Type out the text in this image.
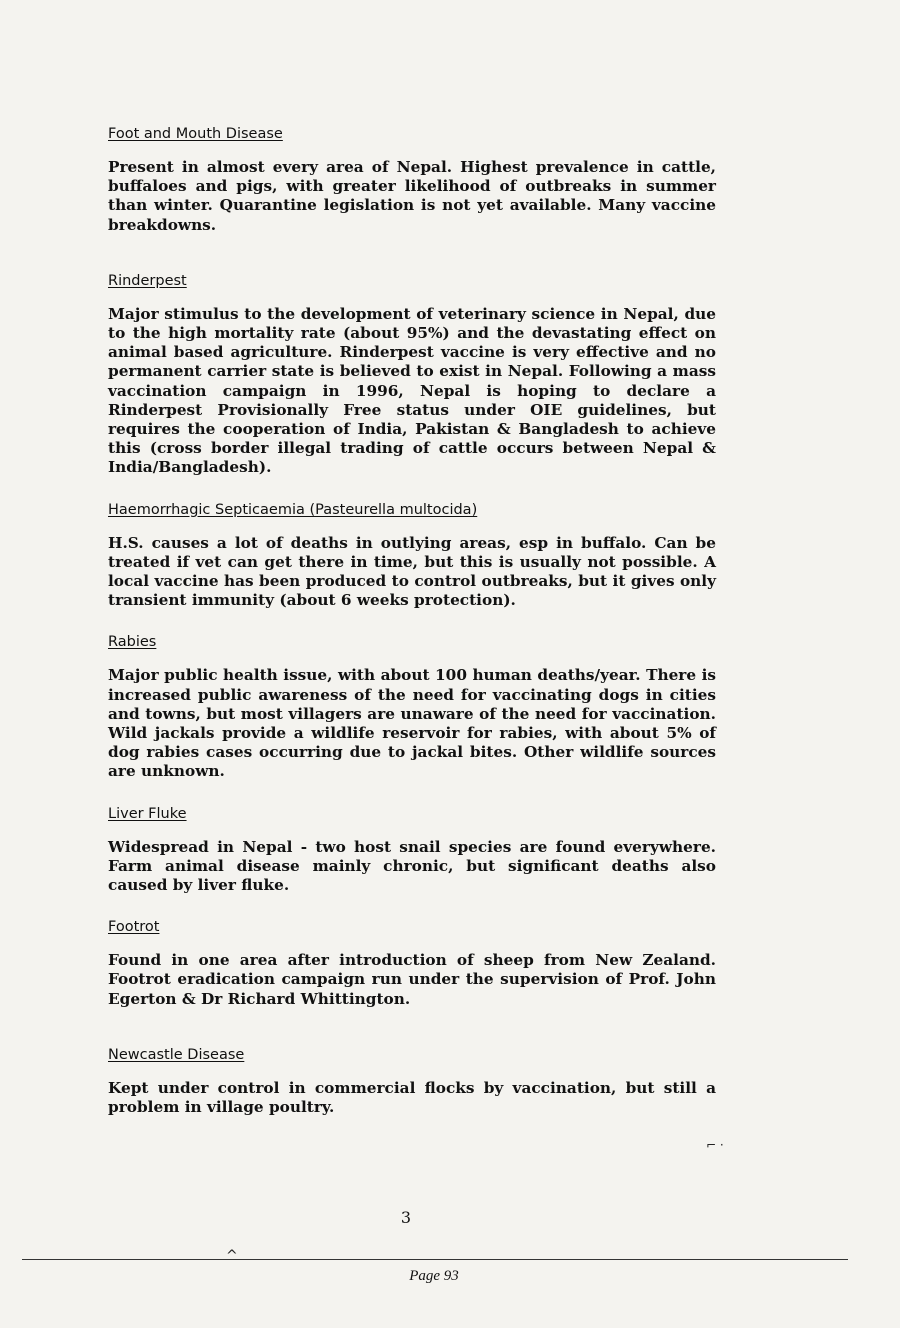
Foot and Mouth Disease

Present in almost every area of Nepal. Highest prevalence in cattle, buffaloes and pigs, with greater likelihood of outbreaks in summer than winter. Quarantine legislation is not yet available. Many vaccine breakdowns.

Rinderpest

Major stimulus to the development of veterinary science in Nepal, due to the high mortality rate (about 95%) and the devastating effect on animal based agriculture. Rinderpest vaccine is very effective and no permanent carrier state is believed to exist in Nepal. Following a mass vaccination campaign in 1996, Nepal is hoping to declare a Rinderpest Provisionally Free status under OIE guidelines, but requires the cooperation of India, Pakistan & Bangladesh to achieve this (cross border illegal trading of cattle occurs between Nepal & India/Bangladesh).

Haemorrhagic Septicaemia (Pasteurella multocida)

H.S. causes a lot of deaths in outlying areas, esp in buffalo. Can be treated if vet can get there in time, but this is usually not possible. A local vaccine has been produced to control outbreaks, but it gives only transient immunity (about 6 weeks protection).

Rabies

Major public health issue, with about 100 human deaths/year. There is increased public awareness of the need for vaccinating dogs in cities and towns, but most villagers are unaware of the need for vaccination. Wild jackals provide a wildlife reservoir for rabies, with about 5% of dog rabies cases occurring due to jackal bites. Other wildlife sources are unknown.

Liver Fluke

Widespread in Nepal - two host snail species are found everywhere. Farm animal disease mainly chronic, but significant deaths also caused by liver fluke.

Footrot

Found in one area after introduction of sheep from New Zealand. Footrot eradication campaign run under the supervision of Prof. John Egerton & Dr Richard Whittington.

Newcastle Disease

Kept under control in commercial flocks by vaccination, but still a problem in village poultry.

⌐ ·
3
^
Page 93
